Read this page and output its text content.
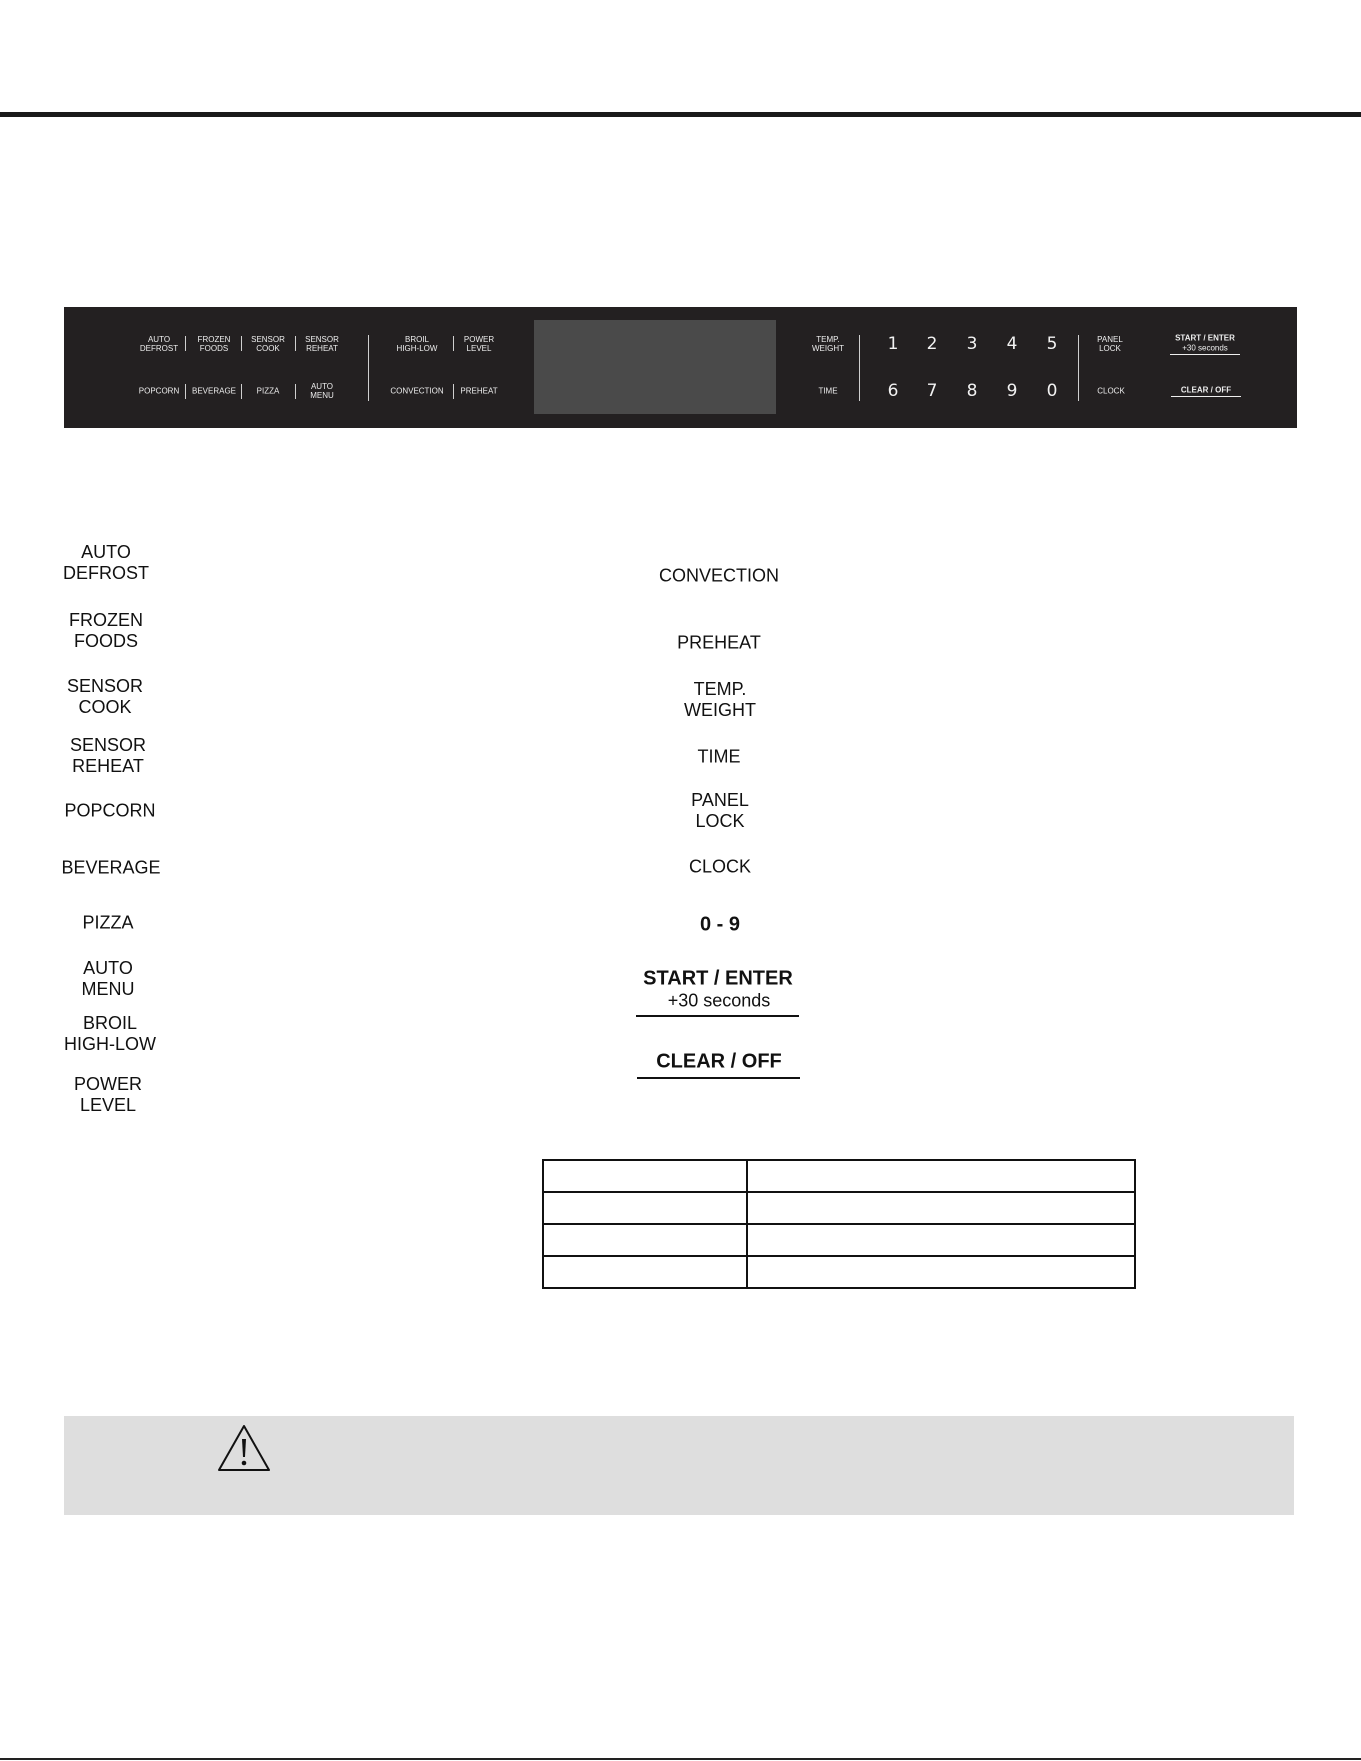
AUTO
DEFROST
FROZEN
FOODS
SENSOR
COOK
SENSOR
REHEAT
POPCORN BEVERAGE	PIZZA	AUTO
MENU
BROIL
HIGH-LOW
POWER
LEVEL
CONVECTION PREHEAT
TEMP.
WEIGHT
TIME
1 2 3 4 5
6 7 8 9 0
PANEL
LOCK
CLOCK
START / ENTER
+30 seconds
CLEAR / OFF
AUTO
DEFROST
FROZEN
FOODS
SENSOR
COOK
SENSOR
REHEAT
POPCORN
BEVERAGE
PIZZA
AUTO
MENU
BROIL
HIGH-LOW
POWER
LEVEL
CONVECTION
PREHEAT
TEMP.
WEIGHT
TIME
PANEL
LOCK
CLOCK
0 - 9
START / ENTER
+30 seconds
CLEAR / OFF
